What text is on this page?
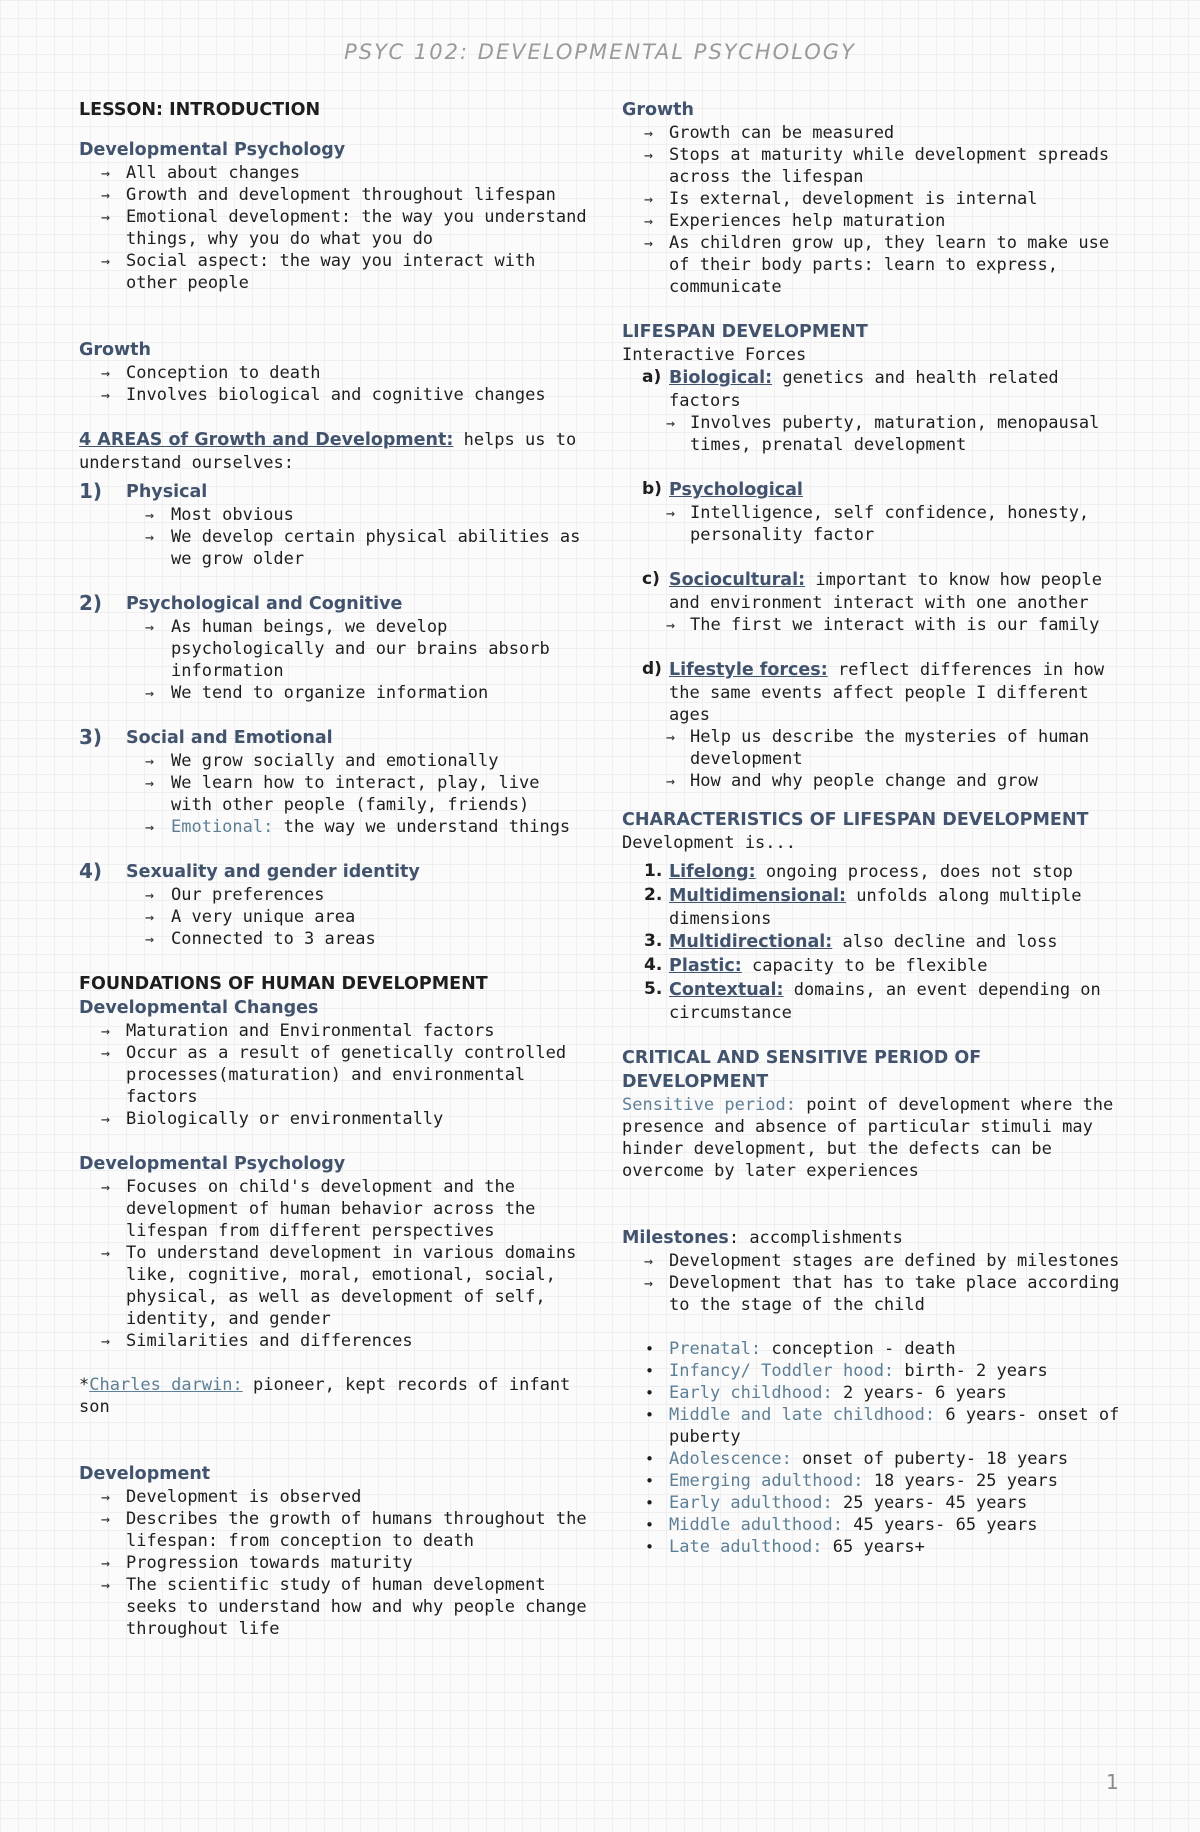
PSYC 102: DEVELOPMENTAL PSYCHOLOGY
LESSON: INTRODUCTION
Developmental Psychology
→ All about changes
→ Growth and development throughout lifespan
→ Emotional development: the way you understand things, why you do what you do
→ Social aspect: the way you interact with other people
Growth
→ Conception to death
→ Involves biological and cognitive changes
4 AREAS of Growth and Development: helps us to understand ourselves:
1) Physical
→ Most obvious
→ We develop certain physical abilities as we grow older
2) Psychological and Cognitive
→ As human beings, we develop psychologically and our brains absorb information
→ We tend to organize information
3) Social and Emotional
→ We grow socially and emotionally
→ We learn how to interact, play, live with other people (family, friends)
→ Emotional: the way we understand things
4) Sexuality and gender identity
→ Our preferences
→ A very unique area
→ Connected to 3 areas
FOUNDATIONS OF HUMAN DEVELOPMENT
Developmental Changes
→ Maturation and Environmental factors
→ Occur as a result of genetically controlled processes(maturation) and environmental factors
→ Biologically or environmentally
Developmental Psychology
→ Focuses on child's development and the development of human behavior across the lifespan from different perspectives
→ To understand development in various domains like, cognitive, moral, emotional, social, physical, as well as development of self, identity, and gender
→ Similarities and differences
*Charles darwin: pioneer, kept records of infant son
Development
→ Development is observed
→ Describes the growth of humans throughout the lifespan: from conception to death
→ Progression towards maturity
→ The scientific study of human development seeks to understand how and why people change throughout life
Growth
→ Growth can be measured
→ Stops at maturity while development spreads across the lifespan
→ Is external, development is internal
→ Experiences help maturation
→ As children grow up, they learn to make use of their body parts: learn to express, communicate
LIFESPAN DEVELOPMENT
Interactive Forces
a) Biological: genetics and health related factors
→ Involves puberty, maturation, menopausal times, prenatal development
b) Psychological
→ Intelligence, self confidence, honesty, personality factor
c) Sociocultural: important to know how people and environment interact with one another
→ The first we interact with is our family
d) Lifestyle forces: reflect differences in how the same events affect people I different ages
→ Help us describe the mysteries of human development
→ How and why people change and grow
CHARACTERISTICS OF LIFESPAN DEVELOPMENT
Development is...
1. Lifelong: ongoing process, does not stop
2. Multidimensional: unfolds along multiple dimensions
3. Multidirectional: also decline and loss
4. Plastic: capacity to be flexible
5. Contextual: domains, an event depending on circumstance
CRITICAL AND SENSITIVE PERIOD OF DEVELOPMENT
Sensitive period: point of development where the presence and absence of particular stimuli may hinder development, but the defects can be overcome by later experiences
Milestones: accomplishments
→ Development stages are defined by milestones
→ Development that has to take place according to the stage of the child
• Prenatal: conception - death
• Infancy/ Toddler hood: birth- 2 years
• Early childhood: 2 years- 6 years
• Middle and late childhood: 6 years- onset of puberty
• Adolescence: onset of puberty- 18 years
• Emerging adulthood: 18 years- 25 years
• Early adulthood: 25 years- 45 years
• Middle adulthood: 45 years- 65 years
• Late adulthood: 65 years+
1
